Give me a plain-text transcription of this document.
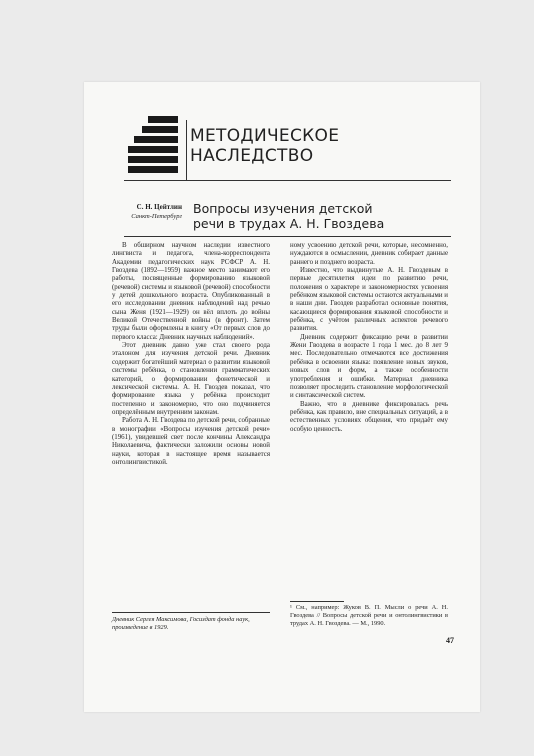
МЕТОДИЧЕСКОЕ
НАСЛЕДСТВО
С. Н. Цейтлин
Санкт-Петербург
Вопросы изучения детской
речи в трудах А. Н. Гвоздева

В обширном научном наследии известного лингвиста и педагога, члена-корреспондента Академии педагогических наук РСФСР А. Н. Гвоздева (1892—1959) важное место занимают его работы, посвященные формированию языковой (речевой) системы и языковой (речевой) способности у детей дошкольного возраста. Опубликованный в его исследовании дневник наблюдений над речью сына Женя (1921—1929) он вёл вплоть до войны Великой Отечественной войны (в фронт). Затем труды были оформлены в книгу «От первых слов до первого класса: Дневник научных наблюдений».

Этот дневник давно уже стал своего рода эталоном для изучения детской речи. Дневник содержит богатейший материал о развитии языковой системы ребёнка, о становлении грамматических категорий, о формировании фонетической и лексической системы. А. Н. Гвоздев показал, что формирование языка у ребёнка происходит постепенно и закономерно, что оно подчиняется определённым внутренним законам.

Работа А. Н. Гвоздева по детской речи, собранные в монографии «Вопросы изучения детской речи» (1961), увидевшей свет после кончины Александра Николаевича, фактически заложили основы новой науки, которая в настоящее время называется онтолингвистикой.

ному усвоению детской речи, которые, несомненно, нуждаются в осмыслении, дневник собирает данные раннего и позднего возраста.

Известно, что выдвинутые А. Н. Гвоздевым в первые десятилетия идеи по развитию речи, положения о характере и закономерностях усвоения ребёнком языковой системы остаются актуальными и в наши дни. Гвоздев разработал основные понятия, касающиеся формирования языковой способности и ребёнка, с учётом различных аспектов речевого развития.

Дневник содержит фиксацию речи в развитии Жени Гвоздева в возрасте 1 года 1 мес. до 8 лет 9 мес. Последовательно отмечаются все достижения ребёнка в освоении языка: появление новых звуков, новых слов и форм, а также особенности употребления и ошибки. Материал дневника позволяет проследить становление морфологической и синтаксической систем.

Важно, что в дневнике фиксировалась речь ребёнка, как правило, вне специальных ситуаций, а в естественных условиях общения, что придаёт ему особую ценность.

Дневник Сергея Максимова, Госиздат фонда наук, произведение в 1929.
¹ См., например: Жуков В. П. Мысли о речи А. Н. Гвоздева // Вопросы детской речи и онтолингвистики в трудах А. Н. Гвоздева. — М., 1990.
47
